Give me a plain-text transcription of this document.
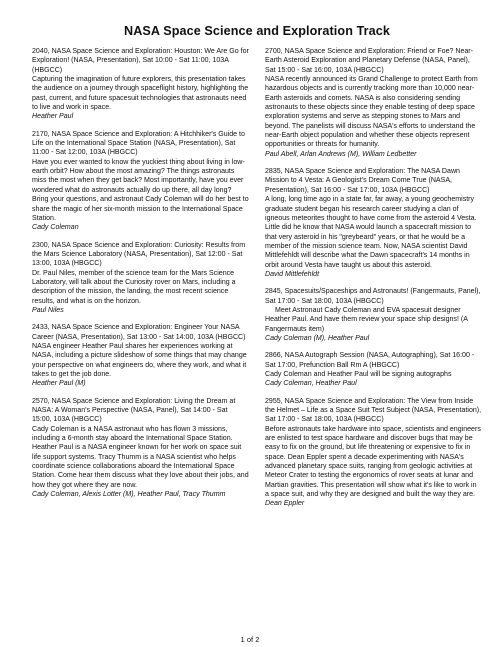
NASA Space Science and Exploration Track

2040, NASA Space Science and Exploration: Houston: We Are Go for Exploration! (NASA, Presentation), Sat 10:00 - Sat 11:00, 103A (HBGCC)

Capturing the imagination of future explorers, this presentation takes the audience on a journey through spaceflight history, highlighting the past, current, and future spacesuit technologies that astronauts need to live and work in space.

Heather Paul

2170, NASA Space Science and Exploration: A Hitchhiker's Guide to Life on the International Space Station (NASA, Presentation), Sat 11:00 - Sat 12:00, 103A (HBGCC)

Have you ever wanted to know the yuckiest thing about living in low-earth orbit? How about the most amazing? The things astronauts miss the most when they get back? Most importantly, have you ever wondered what do astronauts actually do up there, all day long? Bring your questions, and astronaut Cady Coleman will do her best to share the magic of her six-month mission to the International Space Station.

Cady Coleman

2300, NASA Space Science and Exploration: Curiosity: Results from the Mars Science Laboratory (NASA, Presentation), Sat 12:00 - Sat 13:00, 103A (HBGCC)

Dr. Paul Niles, member of the science team for the Mars Science Laboratory, will talk about the Curiosity rover on Mars, including a description of the mission, the landing, the most recent science results, and what is on the horizon.

Paul Niles

2433, NASA Space Science and Exploration: Engineer Your NASA Career (NASA, Presentation), Sat 13:00 - Sat 14:00, 103A (HBGCC)

NASA engineer Heather Paul shares her experiences working at NASA, including a picture slideshow of some things that may change your perspective on what engineers do, where they work, and what it takes to get the job done.

Heather Paul (M)

2570, NASA Space Science and Exploration: Living the Dream at NASA: A Woman's Perspective (NASA, Panel), Sat 14:00 - Sat 15:00, 103A (HBGCC)

Cady Coleman is a NASA astronaut who has flown 3 missions, including a 6-month stay aboard the International Space Station. Heather Paul is a NASA engineer known for her work on space suit life support systems. Tracy Thumm is a NASA scientist who helps coordinate science collaborations aboard the International Space Station. Come hear them discuss what they love about their jobs, and how they got where they are now.

Cady Coleman, Alexis Lotter (M), Heather Paul, Tracy Thumm

2700, NASA Space Science and Exploration: Friend or Foe? Near-Earth Asteroid Exploration and Planetary Defense (NASA, Panel), Sat 15:00 - Sat 16:00, 103A (HBGCC)

NASA recently announced its Grand Challenge to protect Earth from hazardous objects and is currently tracking more than 10,000 near-Earth asteroids and comets. NASA is also considering sending astronauts to these objects since they enable testing of deep space exploration systems and serve as stepping stones to Mars and beyond. The panelists will discuss NASA's efforts to understand the near-Earth object population and whether these objects represent opportunities or threats for humanity.

Paul Abell, Arlan Andrews (M), William Ledbetter

2835, NASA Space Science and Exploration: The NASA Dawn Mission to 4 Vesta: A Geologist's Dream Come True (NASA, Presentation), Sat 16:00 - Sat 17:00, 103A (HBGCC)

A long, long time ago in a state far, far away, a young geochemistry graduate student began his research career studying a clan of igneous meteorites thought to have come from the asteroid 4 Vesta. Little did he know that NASA would launch a spacecraft mission to that very asteroid in his "greybeard" years, or that he would be a member of the mission science team. Now, NASA scientist David Mittlefehldt will describe what the Dawn spacecraft's 14 months in orbit around Vesta have taught us about this asteroid.

David Mittlefehldt

2845, Spacesuits/Spaceships and Astronauts! (Fangermauts, Panel), Sat 17:00 - Sat 18:00, 103A (HBGCC)

Meet Astronaut Cady Coleman and EVA spacesuit designer Heather Paul. And have them review your space ship designs! (A Fangermauts item)

Cady Coleman (M), Heather Paul

2866, NASA Autograph Session (NASA, Autographing), Sat 16:00 - Sat 17:00, Prefunction Ball Rm A (HBGCC)

Cady Coleman and Heather Paul will be signing autographs

Cady Coleman, Heather Paul

2955, NASA Space Science and Exploration: The View from Inside the Helmet – Life as a Space Suit Test Subject (NASA, Presentation), Sat 17:00 - Sat 18:00, 103A (HBGCC)

Before astronauts take hardware into space, scientists and engineers are enlisted to test space hardware and discover bugs that may be easy to fix on the ground, but life threatening or expensive to fix in space. Dean Eppler spent a decade experimenting with NASA's advanced planetary space suits, ranging from geologic activities at Meteor Crater to testing the ergonomics of rover seats at lunar and Martian gravities. This presentation will show what it's like to work in a space suit, and why they are designed and built the way they are.

Dean Eppler

1 of 2
